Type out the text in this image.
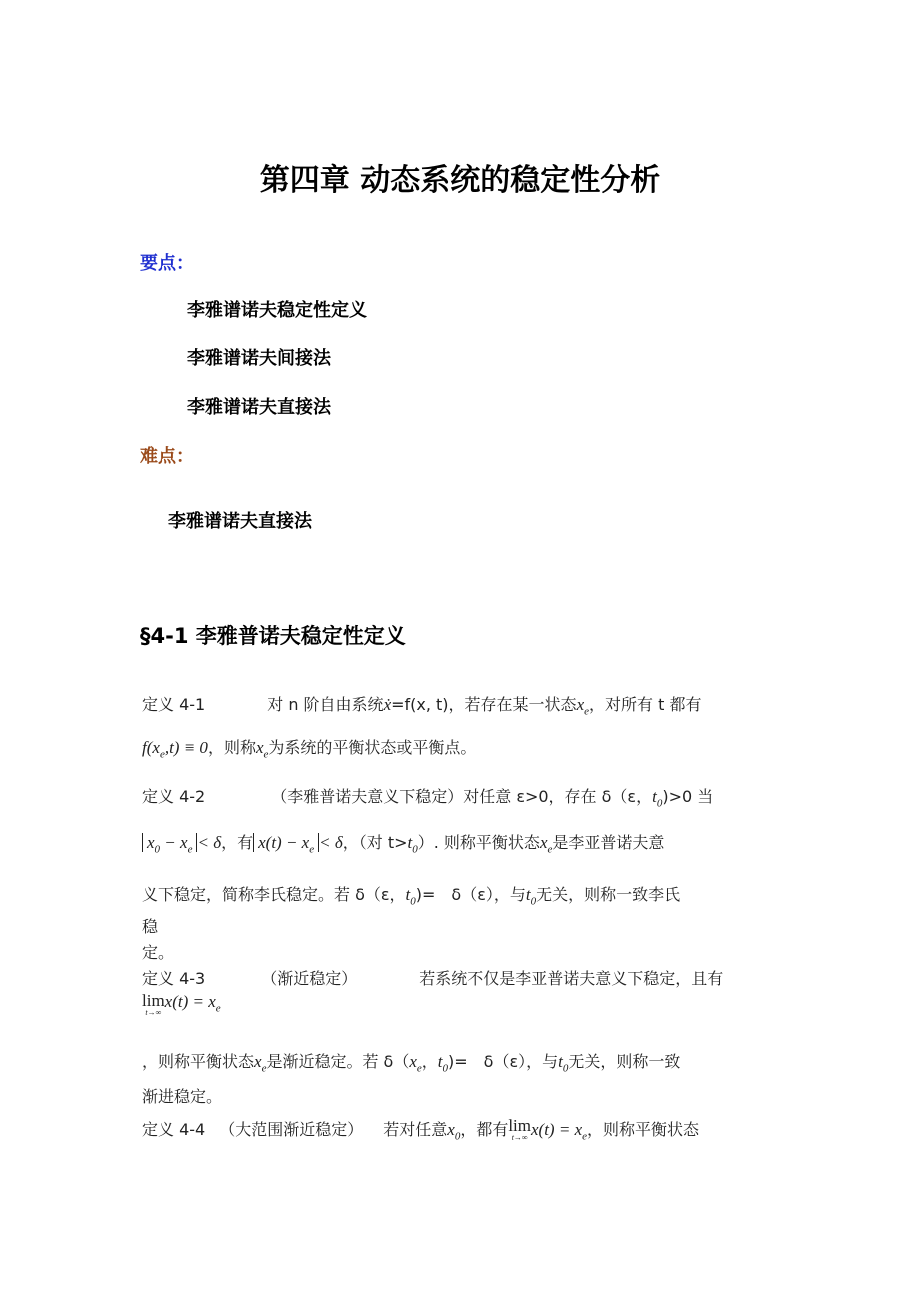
第四章 动态系统的稳定性分析
要点：
李雅谱诺夫稳定性定义
李雅谱诺夫间接法
李雅谱诺夫直接法
难点：
李雅谱诺夫直接法
§4-1 李雅普诺夫稳定性定义
定义 4-1	对 n 阶自由系统ẋ=f(x, t)，若存在某一状态$x_e$，对所有 t 都有
$f(x_e,t) \equiv 0$，则称$x_e$为系统的平衡状态或平衡点。
定义 4-2	（李雅普诺夫意义下稳定）对任意 ε>0，存在 δ（ε，$t_0)>0$ 当
$x_0 - x_e < \delta$，有 $x(t) - x_e < \delta$，（对 $t>t_0$）. 则称平衡状态$x_e$是李亚普诺夫意
义下稳定，简称李氏稳定。若 δ（ε，$t_0)=$　δ（ε），与$t_0$无关，则称一致李氏
稳
定。
定义 4-3	（渐近稳定）	若系统不仅是李亚普诺夫意义下稳定，且有
lim
t→∞
$x(t) = x_e$
，则称平衡状态$x_e$是渐近稳定。若 $\delta(x_e$，$t_0)=$　δ（ε），与$t_0$无关，则称一致
渐进稳定。
定义 4-4 （大范围渐近稳定） 若对任意$x_0$，都有lim
t→∞ $x(t) = x_e$，则称平衡状态
